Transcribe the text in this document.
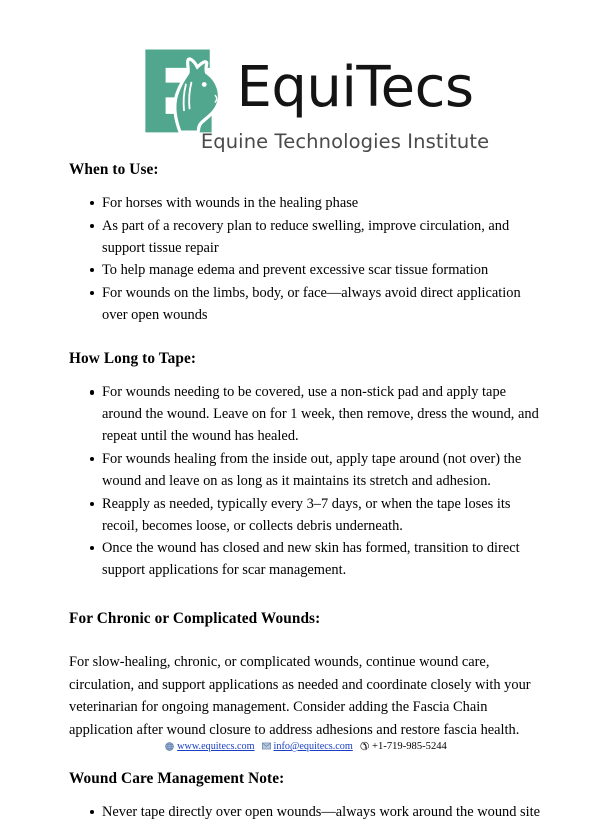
EquiTecs
Equine Technologies Institute
When to Use:
For horses with wounds in the healing phase
As part of a recovery plan to reduce swelling, improve circulation, and support tissue repair
To help manage edema and prevent excessive scar tissue formation
For wounds on the limbs, body, or face—always avoid direct application over open wounds
How Long to Tape:
For wounds needing to be covered, use a non-stick pad and apply tape around the wound. Leave on for 1 week, then remove, dress the wound, and repeat until the wound has healed.
For wounds healing from the inside out, apply tape around (not over) the wound and leave on as long as it maintains its stretch and adhesion.
Reapply as needed, typically every 3–7 days, or when the tape loses its recoil, becomes loose, or collects debris underneath.
Once the wound has closed and new skin has formed, transition to direct support applications for scar management.
For Chronic or Complicated Wounds:

For slow-healing, chronic, or complicated wounds, continue wound care, circulation, and support applications as needed and coordinate closely with your veterinarian for ongoing management. Consider adding the Fascia Chain application after wound closure to address adhesions and restore fascia health.

Wound Care Management Note:
Never tape directly over open wounds—always work around the wound site
www.equitecs.com info@equitecs.com ✆ +1-719-985-5244
